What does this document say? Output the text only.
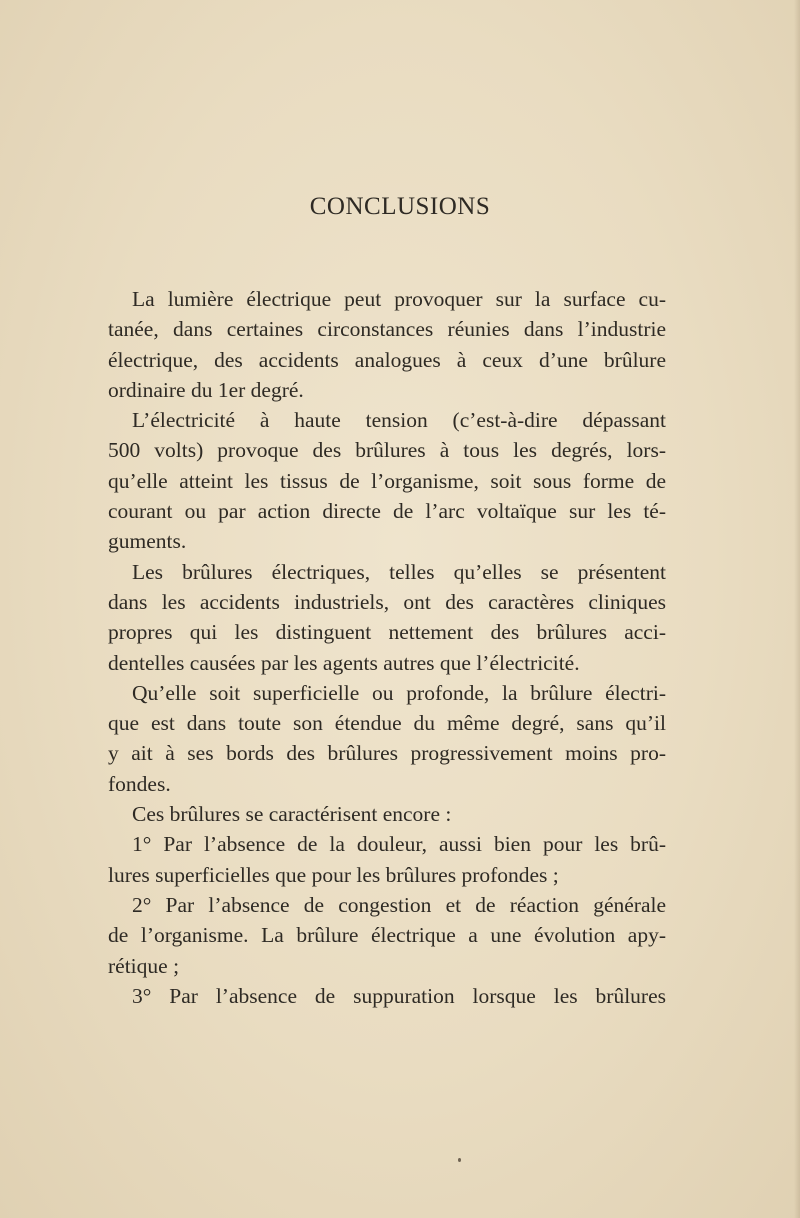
CONCLUSIONS
La lumière électrique peut provoquer sur la surface cu-
tanée, dans certaines circonstances réunies dans l’industrie
électrique, des accidents analogues à ceux d’une brûlure
ordinaire du 1er degré.
L’électricité à haute tension (c’est-à-dire dépassant
500 volts) provoque des brûlures à tous les degrés, lors-
qu’elle atteint les tissus de l’organisme, soit sous forme de
courant ou par action directe de l’arc voltaïque sur les té-
guments.
Les brûlures électriques, telles qu’elles se présentent
dans les accidents industriels, ont des caractères cliniques
propres qui les distinguent nettement des brûlures acci-
dentelles causées par les agents autres que l’électricité.
Qu’elle soit superficielle ou profonde, la brûlure électri-
que est dans toute son étendue du même degré, sans qu’il
y ait à ses bords des brûlures progressivement moins pro-
fondes.
Ces brûlures se caractérisent encore :
1° Par l’absence de la douleur, aussi bien pour les brû-
lures superficielles que pour les brûlures profondes ;
2° Par l’absence de congestion et de réaction générale
de l’organisme. La brûlure électrique a une évolution apy-
rétique ;
3° Par l’absence de suppuration lorsque les brûlures
